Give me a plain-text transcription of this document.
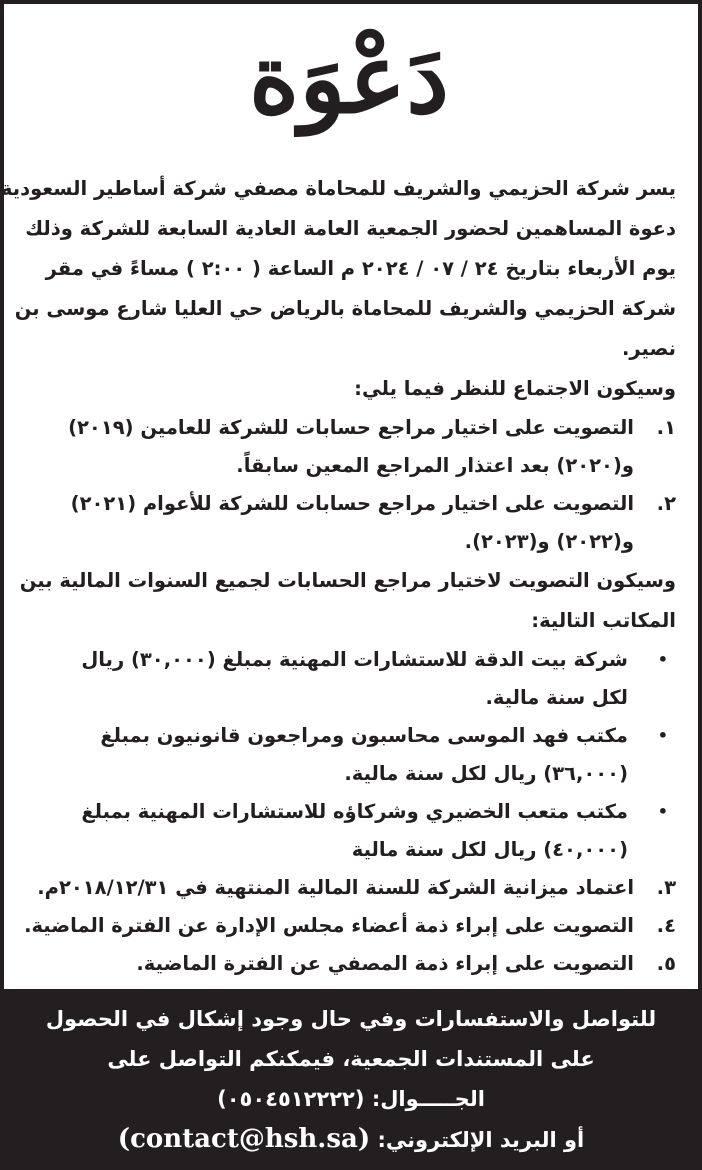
دَعْوَة
يسر شركة الحزيمي والشريف للمحاماة مصفي شركة أساطير السعودية
دعوة المساهمين لحضور الجمعية العامة العادية السابعة للشركة وذلك
يوم الأربعاء بتاريخ ٢٤ / ٠٧ / ٢٠٢٤ م الساعة ( ٢:٠٠ ) مساءً في مقر
شركة الحزيمي والشريف للمحاماة بالرياض حي العليا شارع موسى بن
نصير.
وسيكون الاجتماع للنظر فيما يلي:
١.
التصويت على اختيار مراجع حسابات للشركة للعامين (٢٠١٩)
و(٢٠٢٠) بعد اعتذار المراجع المعين سابقاً.
٢.
التصويت على اختيار مراجع حسابات للشركة للأعوام (٢٠٢١)
و(٢٠٢٢) و(٢٠٢٣).
وسيكون التصويت لاختيار مراجع الحسابات لجميع السنوات المالية بين
المكاتب التالية:
•
شركة بيت الدقة للاستشارات المهنية بمبلغ (٣٠,٠٠٠) ريال
لكل سنة مالية.
•
مكتب فهد الموسى محاسبون ومراجعون قانونيون بمبلغ
(٣٦,٠٠٠) ريال لكل سنة مالية.
•
مكتب متعب الخضيري وشركاؤه للاستشارات المهنية بمبلغ
(٤٠,٠٠٠) ريال لكل سنة مالية
٣.
اعتماد ميزانية الشركة للسنة المالية المنتهية في ٢٠١٨/١٢/٣١م.
٤.
التصويت على إبراء ذمة أعضاء مجلس الإدارة عن الفترة الماضية.
٥.
التصويت على إبراء ذمة المصفي عن الفترة الماضية.
للتواصل والاستفسارات وفي حال وجود إشكال في الحصول
على المستندات الجمعية، فيمكنكم التواصل على
الجـــــوال: (٠٥٠٤٥١٢٢٢٢)
أو البريد الإلكتروني: (contact@hsh.sa)
